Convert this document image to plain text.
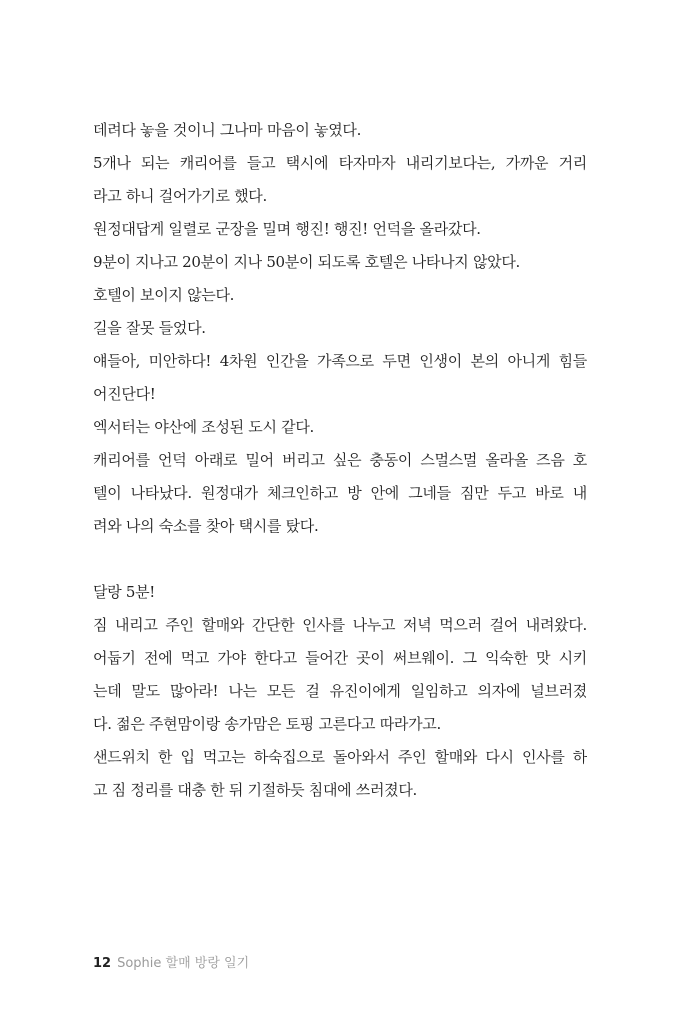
데려다 놓을 것이니 그나마 마음이 놓였다.
5개나 되는 캐리어를 들고 택시에 타자마자 내리기보다는, 가까운 거리
라고 하니 걸어가기로 했다.
원정대답게 일렬로 군장을 밀며 행진! 행진! 언덕을 올라갔다.
9분이 지나고 20분이 지나 50분이 되도록 호텔은 나타나지 않았다.
호텔이 보이지 않는다.
길을 잘못 들었다.
얘들아, 미안하다! 4차원 인간을 가족으로 두면 인생이 본의 아니게 힘들
어진단다!
엑서터는 야산에 조성된 도시 같다.
캐리어를 언덕 아래로 밀어 버리고 싶은 충동이 스멀스멀 올라올 즈음 호
텔이 나타났다. 원정대가 체크인하고 방 안에 그네들 짐만 두고 바로 내
려와 나의 숙소를 찾아 택시를 탔다.
달랑 5분!
짐 내리고 주인 할매와 간단한 인사를 나누고 저녁 먹으러 걸어 내려왔다.
어둡기 전에 먹고 가야 한다고 들어간 곳이 써브웨이. 그 익숙한 맛 시키
는데 말도 많아라! 나는 모든 걸 유진이에게 일임하고 의자에 널브러졌
다. 젊은 주현맘이랑 송가맘은 토핑 고른다고 따라가고.
샌드위치 한 입 먹고는 하숙집으로 돌아와서 주인 할매와 다시 인사를 하
고 짐 정리를 대충 한 뒤 기절하듯 침대에 쓰러졌다.
12 Sophie 할매 방랑 일기
